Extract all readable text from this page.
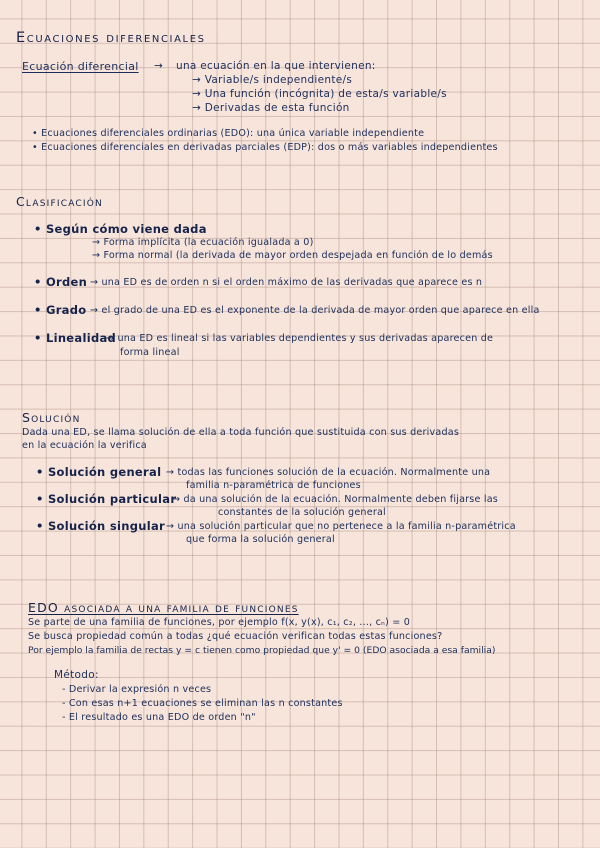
Ecuaciones diferenciales
Ecuación diferencial → una ecuación en la que intervienen:
→ Variable/s independiente/s
→ Una función (incógnita) de esta/s variable/s
→ Derivadas de esta función
• Ecuaciones diferenciales ordinarias (EDO): una única variable independiente
• Ecuaciones diferenciales en derivadas parciales (EDP): dos o más variables independientes
Clasificación
• Según cómo viene dada
→ Forma implícita (la ecuación igualada a 0)
→ Forma normal (la derivada de mayor orden despejada en función de lo demás
• Orden → una ED es de orden n si el orden máximo de las derivadas que aparece es n
• Grado → el grado de una ED es el exponente de la derivada de mayor orden que aparece en ella
• Linealidad
→ una ED es lineal si las variables dependientes y sus derivadas aparecen de
forma lineal
Solución
Dada una ED, se llama solución de ella a toda función que sustituida con sus derivadas
en la ecuación la verifica
• Solución general → todas las funciones solución de la ecuación. Normalmente una
familia n-paramétrica de funciones
• Solución particular
→ da una solución de la ecuación. Normalmente deben fijarse las
constantes de la solución general
• Solución singular → una solución particular que no pertenece a la familia n-paramétrica
que forma la solución general
EDO asociada a una familia de funciones
Se parte de una familia de funciones, por ejemplo f(x, y(x), c₁, c₂, ..., cₙ) = 0
Se busca propiedad común a todas ¿qué ecuación verifican todas estas funciones?
Por ejemplo la familia de rectas y = c tienen como propiedad que y' = 0 (EDO asociada a esa familia)
Método:
- Derivar la expresión n veces
- Con esas n+1 ecuaciones se eliminan las n constantes
- El resultado es una EDO de orden "n"
